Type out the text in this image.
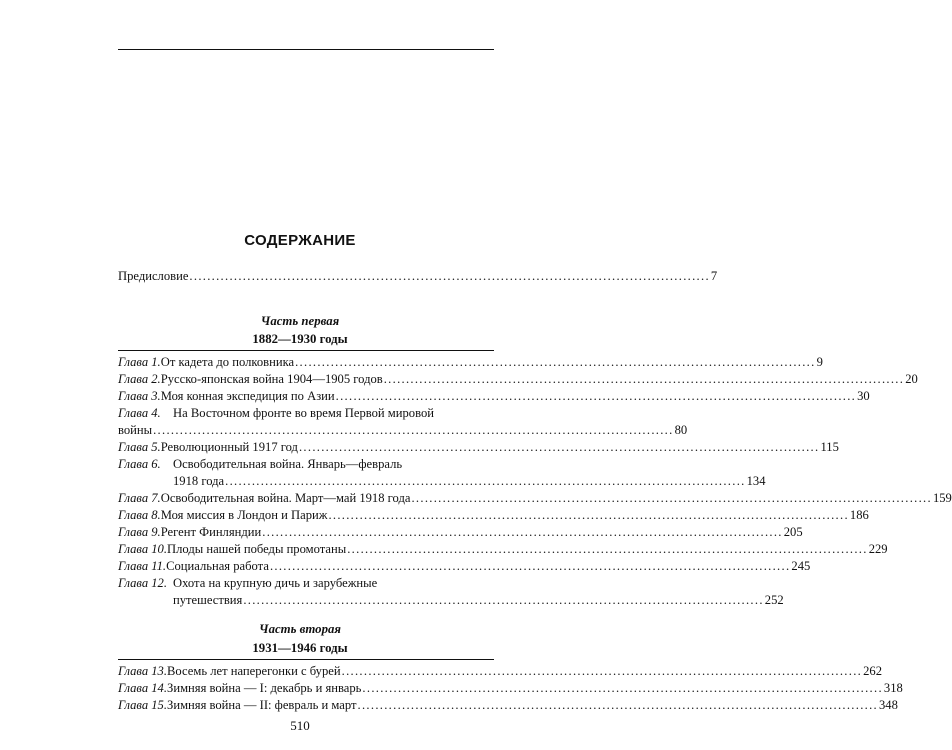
СОДЕРЖАНИЕ
Предисловие ..................................................................................................................... 7
Часть первая
1882—1930 годы
Глава 1. От кадета до полковника ..................................................................................................................... 9
Глава 2. Русско-японская война 1904—1905 годов ..................................................................................................................... 20
Глава 3. Моя конная экспедиция по Азии ..................................................................................................................... 30
Глава 4. На Восточном фронте во время Первой мировой
войны ..................................................................................................................... 80
Глава 5. Революционный 1917 год ..................................................................................................................... 115
Глава 6. Освободительная война. Январь—февраль
1918 года ..................................................................................................................... 134
Глава 7. Освободительная война. Март—май 1918 года ..................................................................................................................... 159
Глава 8. Моя миссия в Лондон и Париж ..................................................................................................................... 186
Глава 9. Регент Финляндии ..................................................................................................................... 205
Глава 10. Плоды нашей победы промотаны ..................................................................................................................... 229
Глава 11. Социальная работа ..................................................................................................................... 245
Глава 12. Охота на крупную дичь и зарубежные
путешествия ..................................................................................................................... 252
Часть вторая
1931—1946 годы
Глава 13. Восемь лет наперегонки с бурей ..................................................................................................................... 262
Глава 14. Зимняя война — I: декабрь и январь ..................................................................................................................... 318
Глава 15. Зимняя война — II: февраль и март ..................................................................................................................... 348
510
